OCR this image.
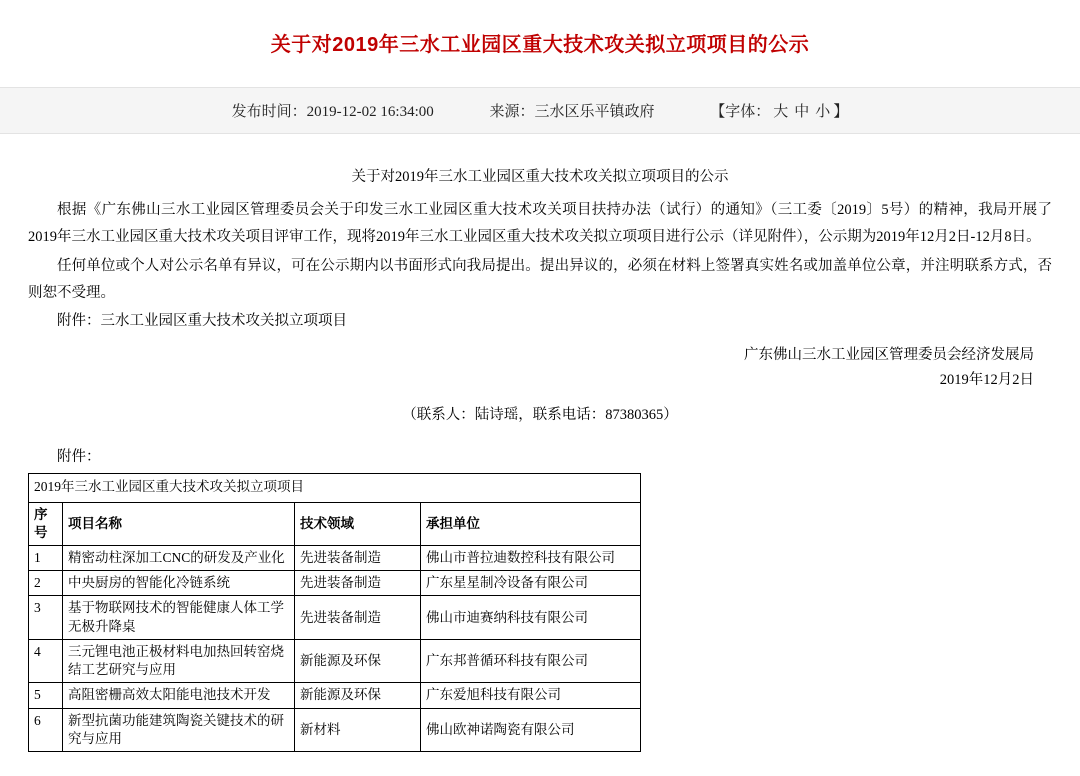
关于对2019年三水工业园区重大技术攻关拟立项项目的公示
发布时间：2019-12-02 16:34:00	来源：三水区乐平镇政府	【字体： 大 中 小 】

关于对2019年三水工业园区重大技术攻关拟立项项目的公示

根据《广东佛山三水工业园区管理委员会关于印发三水工业园区重大技术攻关项目扶持办法（试行）的通知》（三工委〔2019〕5号）的精神，我局开展了2019年三水工业园区重大技术攻关项目评审工作，现将2019年三水工业园区重大技术攻关拟立项项目进行公示（详见附件），公示期为2019年12月2日-12月8日。

任何单位或个人对公示名单有异议，可在公示期内以书面形式向我局提出。提出异议的，必须在材料上签署真实姓名或加盖单位公章，并注明联系方式，否则恕不受理。

附件：三水工业园区重大技术攻关拟立项项目

广东佛山三水工业园区管理委员会经济发展局
2019年12月2日

（联系人：陆诗瑶，联系电话：87380365）

附件：

2019年三水工业园区重大技术攻关拟立项项目			
序号	项目名称	技术领域	承担单位
1	精密动柱深加工CNC的研发及产业化	先进装备制造	佛山市普拉迪数控科技有限公司
2	中央厨房的智能化冷链系统	先进装备制造	广东星星制冷设备有限公司
3	基于物联网技术的智能健康人体工学无极升降桌	先进装备制造	佛山市迪赛纳科技有限公司
4	三元锂电池正极材料电加热回转窑烧结工艺研究与应用	新能源及环保	广东邦普循环科技有限公司
5	高阻密栅高效太阳能电池技术开发	新能源及环保	广东爱旭科技有限公司
6	新型抗菌功能建筑陶瓷关键技术的研究与应用	新材料	佛山欧神诺陶瓷有限公司
